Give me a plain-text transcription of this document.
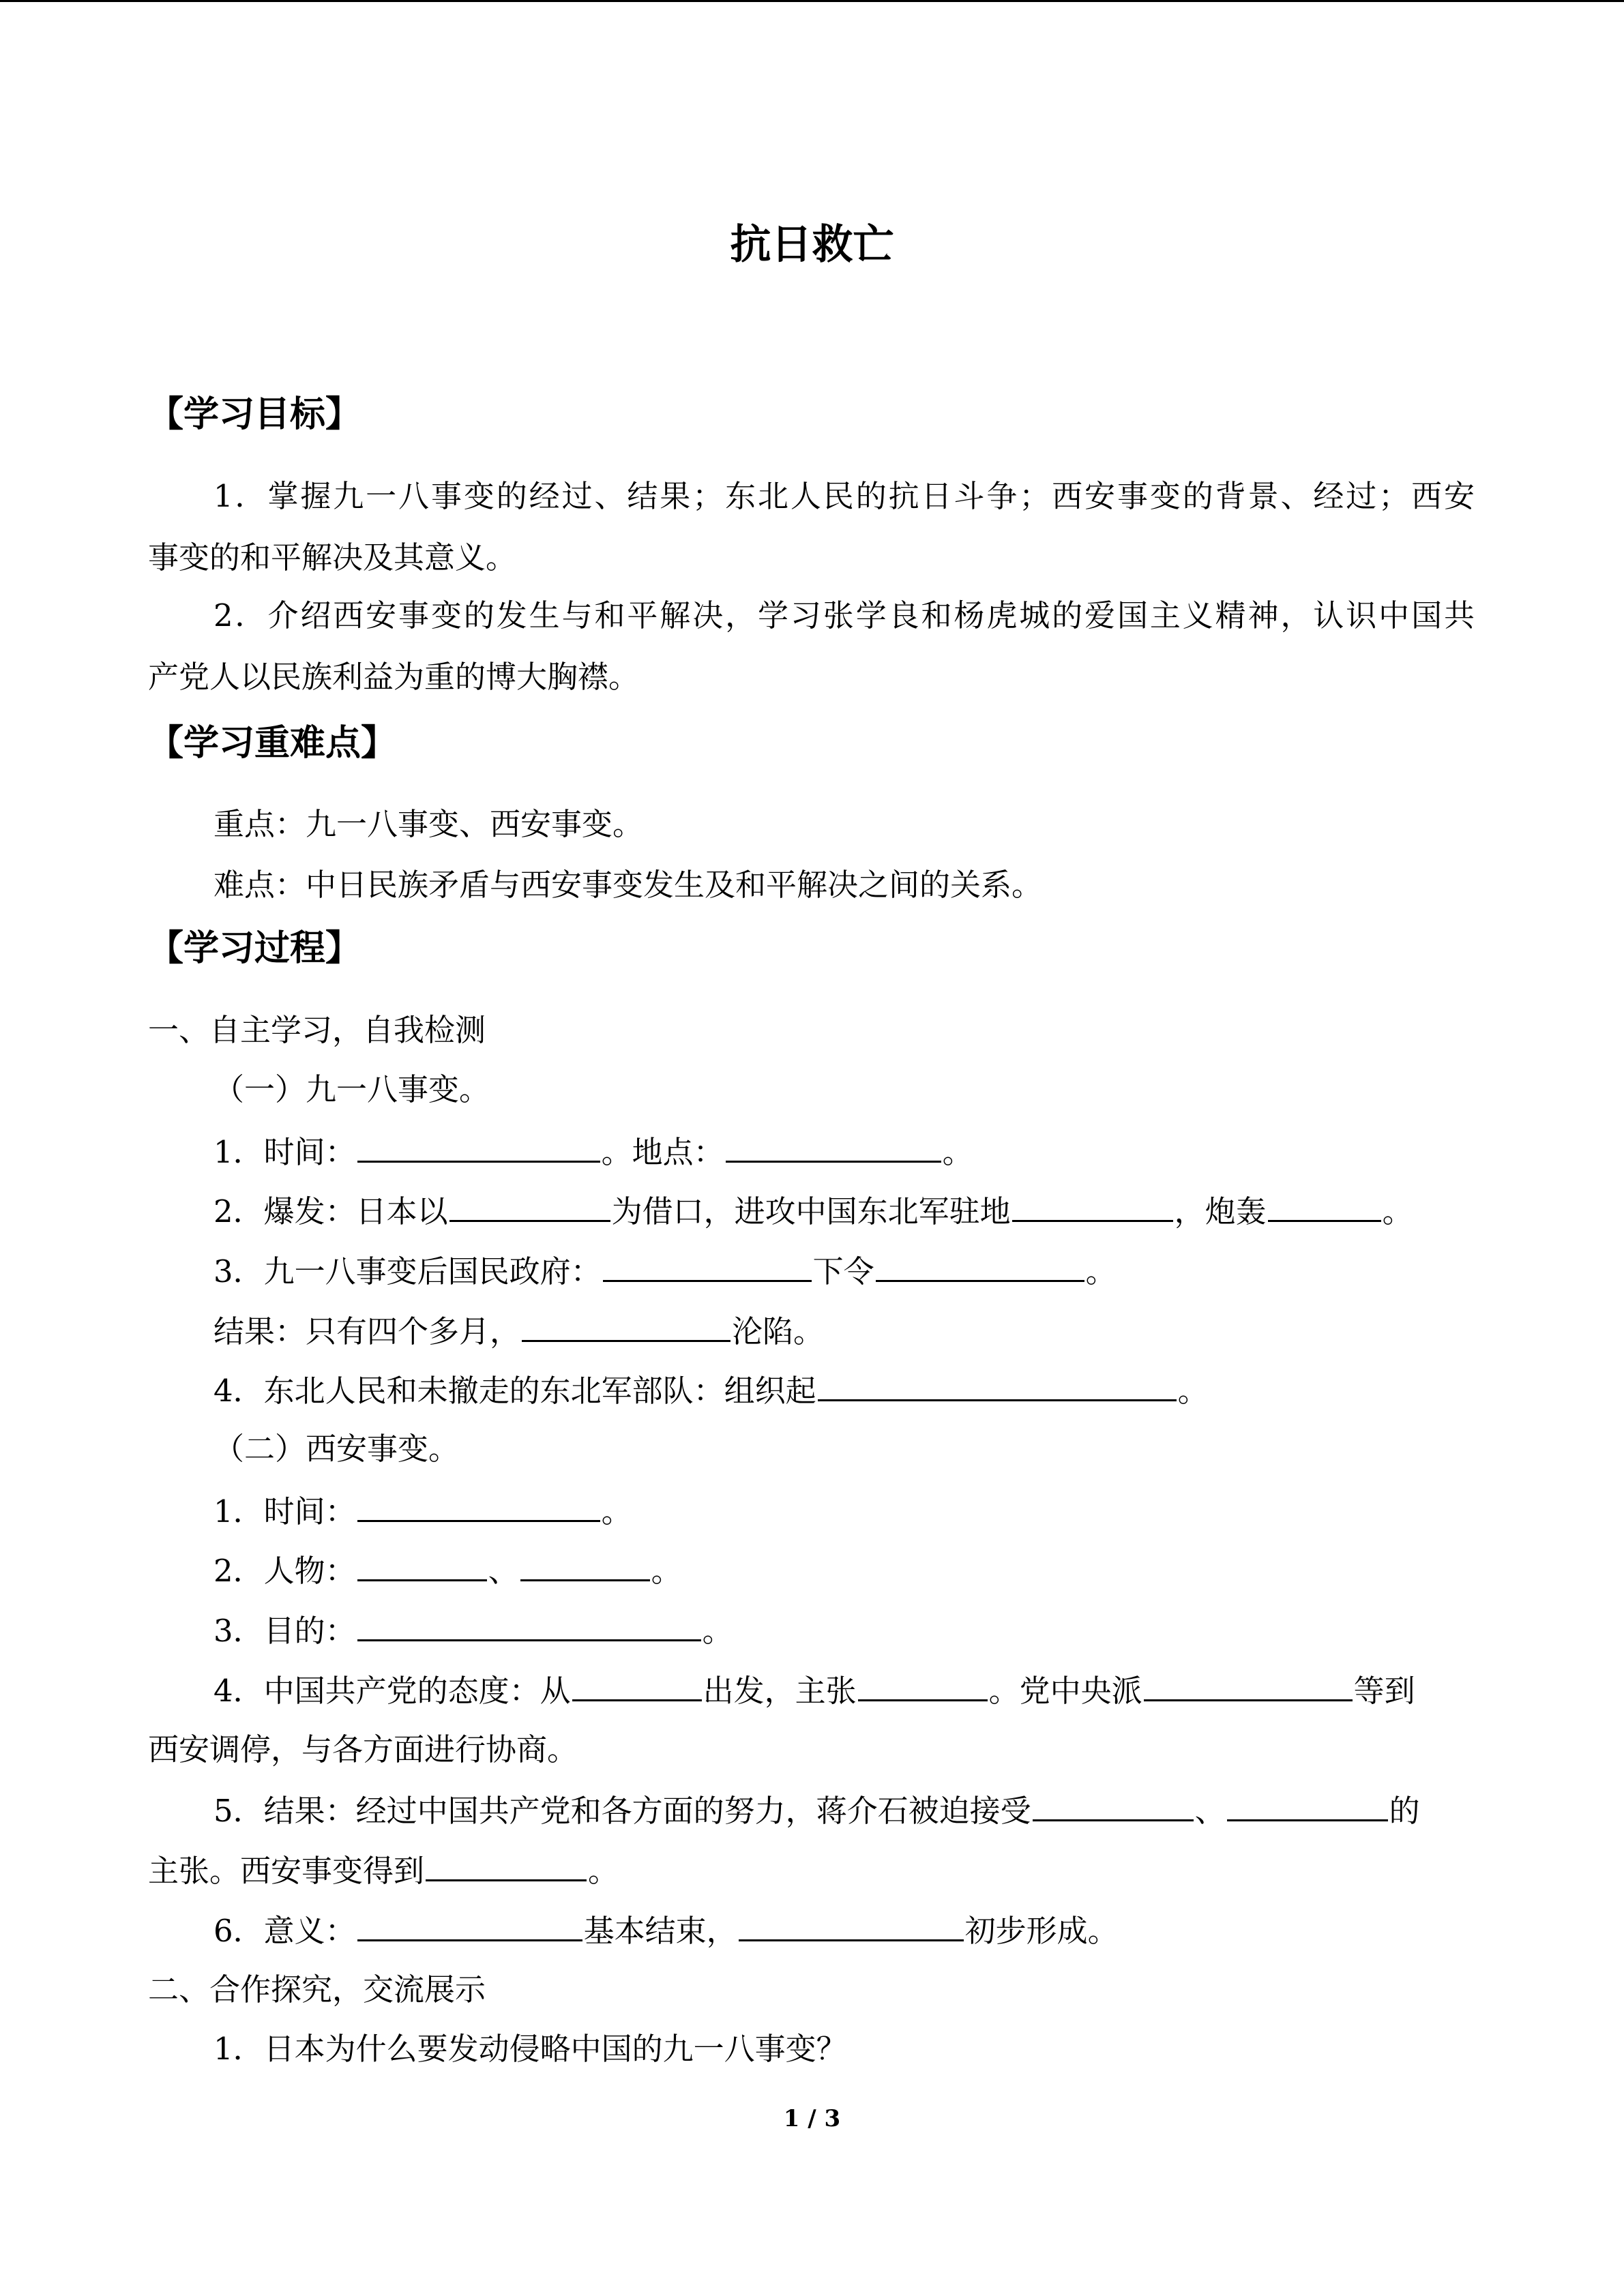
抗日救亡
【学习目标】
1．掌握九一八事变的经过、结果；东北人民的抗日斗争；西安事变的背景、经过；西安
事变的和平解决及其意义。
2．介绍西安事变的发生与和平解决，学习张学良和杨虎城的爱国主义精神，认识中国共
产党人以民族利益为重的博大胸襟。
【学习重难点】
重点：九一八事变、西安事变。
难点：中日民族矛盾与西安事变发生及和平解决之间的关系。
【学习过程】
一、自主学习，自我检测
（一）九一八事变。
1．时间：	。地点：	。
2．爆发：日本以	为借口，进攻中国东北军驻地	，炮轰	。
3．九一八事变后国民政府：	下令	。
结果：只有四个多月，	沦陷。
4．东北人民和未撤走的东北军部队：组织起	。
（二）西安事变。
1．时间：	。
2．人物：	、	。
3．目的：	。
4．中国共产党的态度：从	出发，主张	。党中央派	等到
西安调停，与各方面进行协商。
5．结果：经过中国共产党和各方面的努力，蒋介石被迫接受	、	的
主张。西安事变得到	。
6．意义：	基本结束，	初步形成。
二、合作探究，交流展示
1．日本为什么要发动侵略中国的九一八事变？
1 / 3
